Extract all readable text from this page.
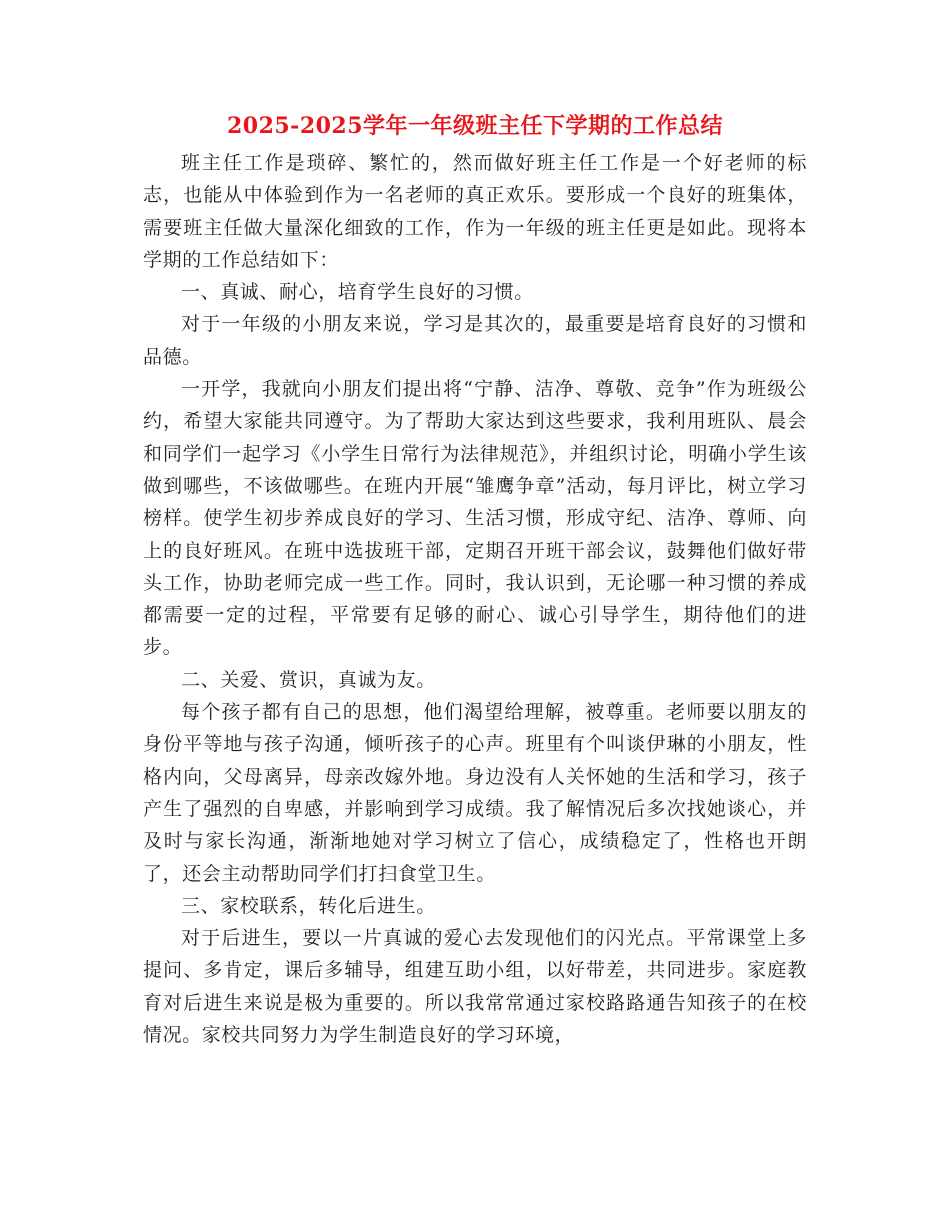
2025-2025学年一年级班主任下学期的工作总结

班主任工作是琐碎、繁忙的，然而做好班主任工作是一个好老师的标志，也能从中体验到作为一名老师的真正欢乐。要形成一个良好的班集体，需要班主任做大量深化细致的工作，作为一年级的班主任更是如此。现将本学期的工作总结如下：

一、真诚、耐心，培育学生良好的习惯。

对于一年级的小朋友来说，学习是其次的，最重要是培育良好的习惯和品德。

一开学，我就向小朋友们提出将“宁静、洁净、尊敬、竞争”作为班级公约，希望大家能共同遵守。为了帮助大家达到这些要求，我利用班队、晨会和同学们一起学习《小学生日常行为法律规范》，并组织讨论，明确小学生该做到哪些，不该做哪些。在班内开展“雏鹰争章”活动，每月评比，树立学习榜样。使学生初步养成良好的学习、生活习惯，形成守纪、洁净、尊师、向上的良好班风。在班中选拔班干部，定期召开班干部会议，鼓舞他们做好带头工作，协助老师完成一些工作。同时，我认识到，无论哪一种习惯的养成都需要一定的过程，平常要有足够的耐心、诚心引导学生，期待他们的进步。

二、关爱、赏识，真诚为友。

每个孩子都有自己的思想，他们渴望给理解，被尊重。老师要以朋友的身份平等地与孩子沟通，倾听孩子的心声。班里有个叫谈伊琳的小朋友，性格内向，父母离异，母亲改嫁外地。身边没有人关怀她的生活和学习，孩子产生了强烈的自卑感，并影响到学习成绩。我了解情况后多次找她谈心，并及时与家长沟通，渐渐地她对学习树立了信心，成绩稳定了，性格也开朗了，还会主动帮助同学们打扫食堂卫生。

三、家校联系，转化后进生。

对于后进生，要以一片真诚的爱心去发现他们的闪光点。平常课堂上多提问、多肯定，课后多辅导，组建互助小组，以好带差，共同进步。家庭教育对后进生来说是极为重要的。所以我常常通过家校路路通告知孩子的在校情况。家校共同努力为学生制造良好的学习环境，
